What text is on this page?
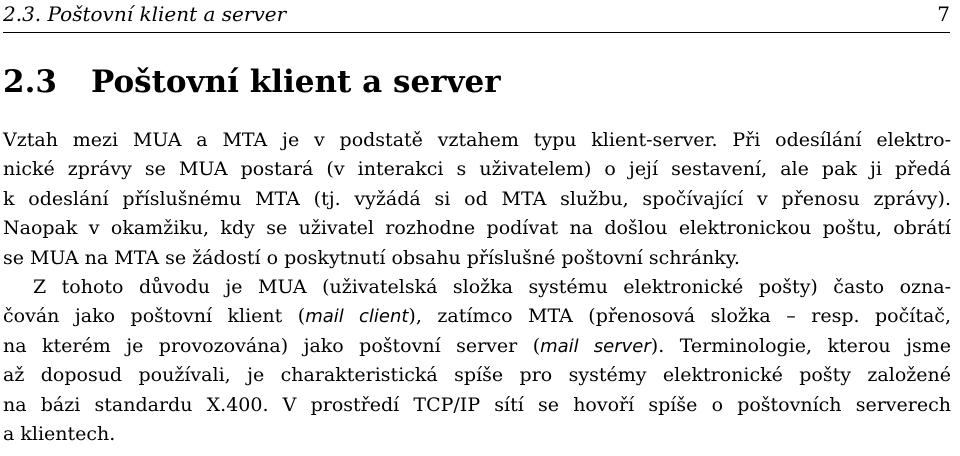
2.3. Poštovní klient a server	7
2.3 Poštovní klient a server
Vztah mezi MUA a MTA je v podstatě vztahem typu klient-server. Při odesílání elektro-
nické zprávy se MUA postará (v interakci s uživatelem) o její sestavení, ale pak ji předá
k odeslání příslušnému MTA (tj. vyžádá si od MTA službu, spočívající v přenosu zprávy).
Naopak v okamžiku, kdy se uživatel rozhodne podívat na došlou elektronickou poštu, obrátí
se MUA na MTA se žádostí o poskytnutí obsahu příslušné poštovní schránky.
Z tohoto důvodu je MUA (uživatelská složka systému elektronické pošty) často ozna-
čován jako poštovní klient (mail client), zatímco MTA (přenosová složka – resp. počítač,
na kterém je provozována) jako poštovní server (mail server). Terminologie, kterou jsme
až doposud používali, je charakteristická spíše pro systémy elektronické pošty založené
na bázi standardu X.400. V prostředí TCP/IP sítí se hovoří spíše o poštovních serverech
a klientech.
